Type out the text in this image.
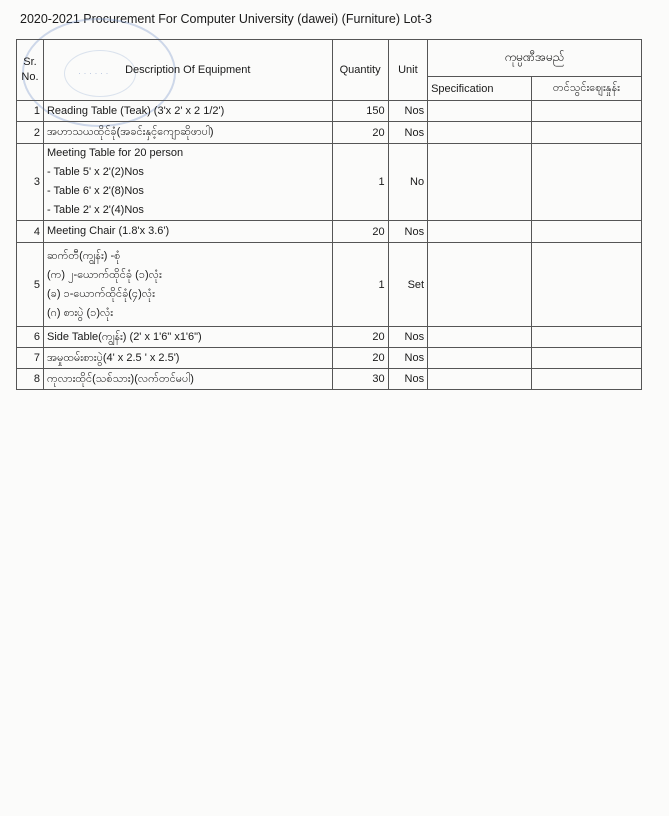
2020-2021 Procurement For Computer University (dawei) (Furniture) Lot-3
· · · · · ·
Sr. No.	Description Of Equipment	Quantity	Unit	ကုမ္ပဏီအမည်	
				Specification	တင်သွင်းဈေးနှုန်း
1	Reading Table (Teak) (3'x 2' x 2 1/2')	150	Nos		
2	အဟာသယထိုင်ခုံ(အခင်းနှင့်ကျောဆိုဖာပါ)	20	Nos		
3	Meeting Table for 20 person
- Table 5' x 2'(2)Nos
- Table 6' x 2'(8)Nos
- Table 2' x 2'(4)Nos	1	No		
4	Meeting Chair (1.8'x 3.6')	20	Nos		
5	ဆက်တီ(ကျွန်း) -စုံ
(က) ၂-ယောက်ထိုင်ခုံ (၁)လုံး
(ခ) ၁-ယောက်ထိုင်ခုံ(၄)လုံး
(ဂ) စားပွဲ (၁)လုံး	1	Set		
6	Side Table(ကျွန်း) (2' x 1'6" x1'6")	20	Nos		
7	အမှုထမ်းစားပွဲ(4' x 2.5 ' x 2.5')	20	Nos		
8	ကုလားထိုင်(သစ်သား)(လက်တင်မပါ)	30	Nos		
